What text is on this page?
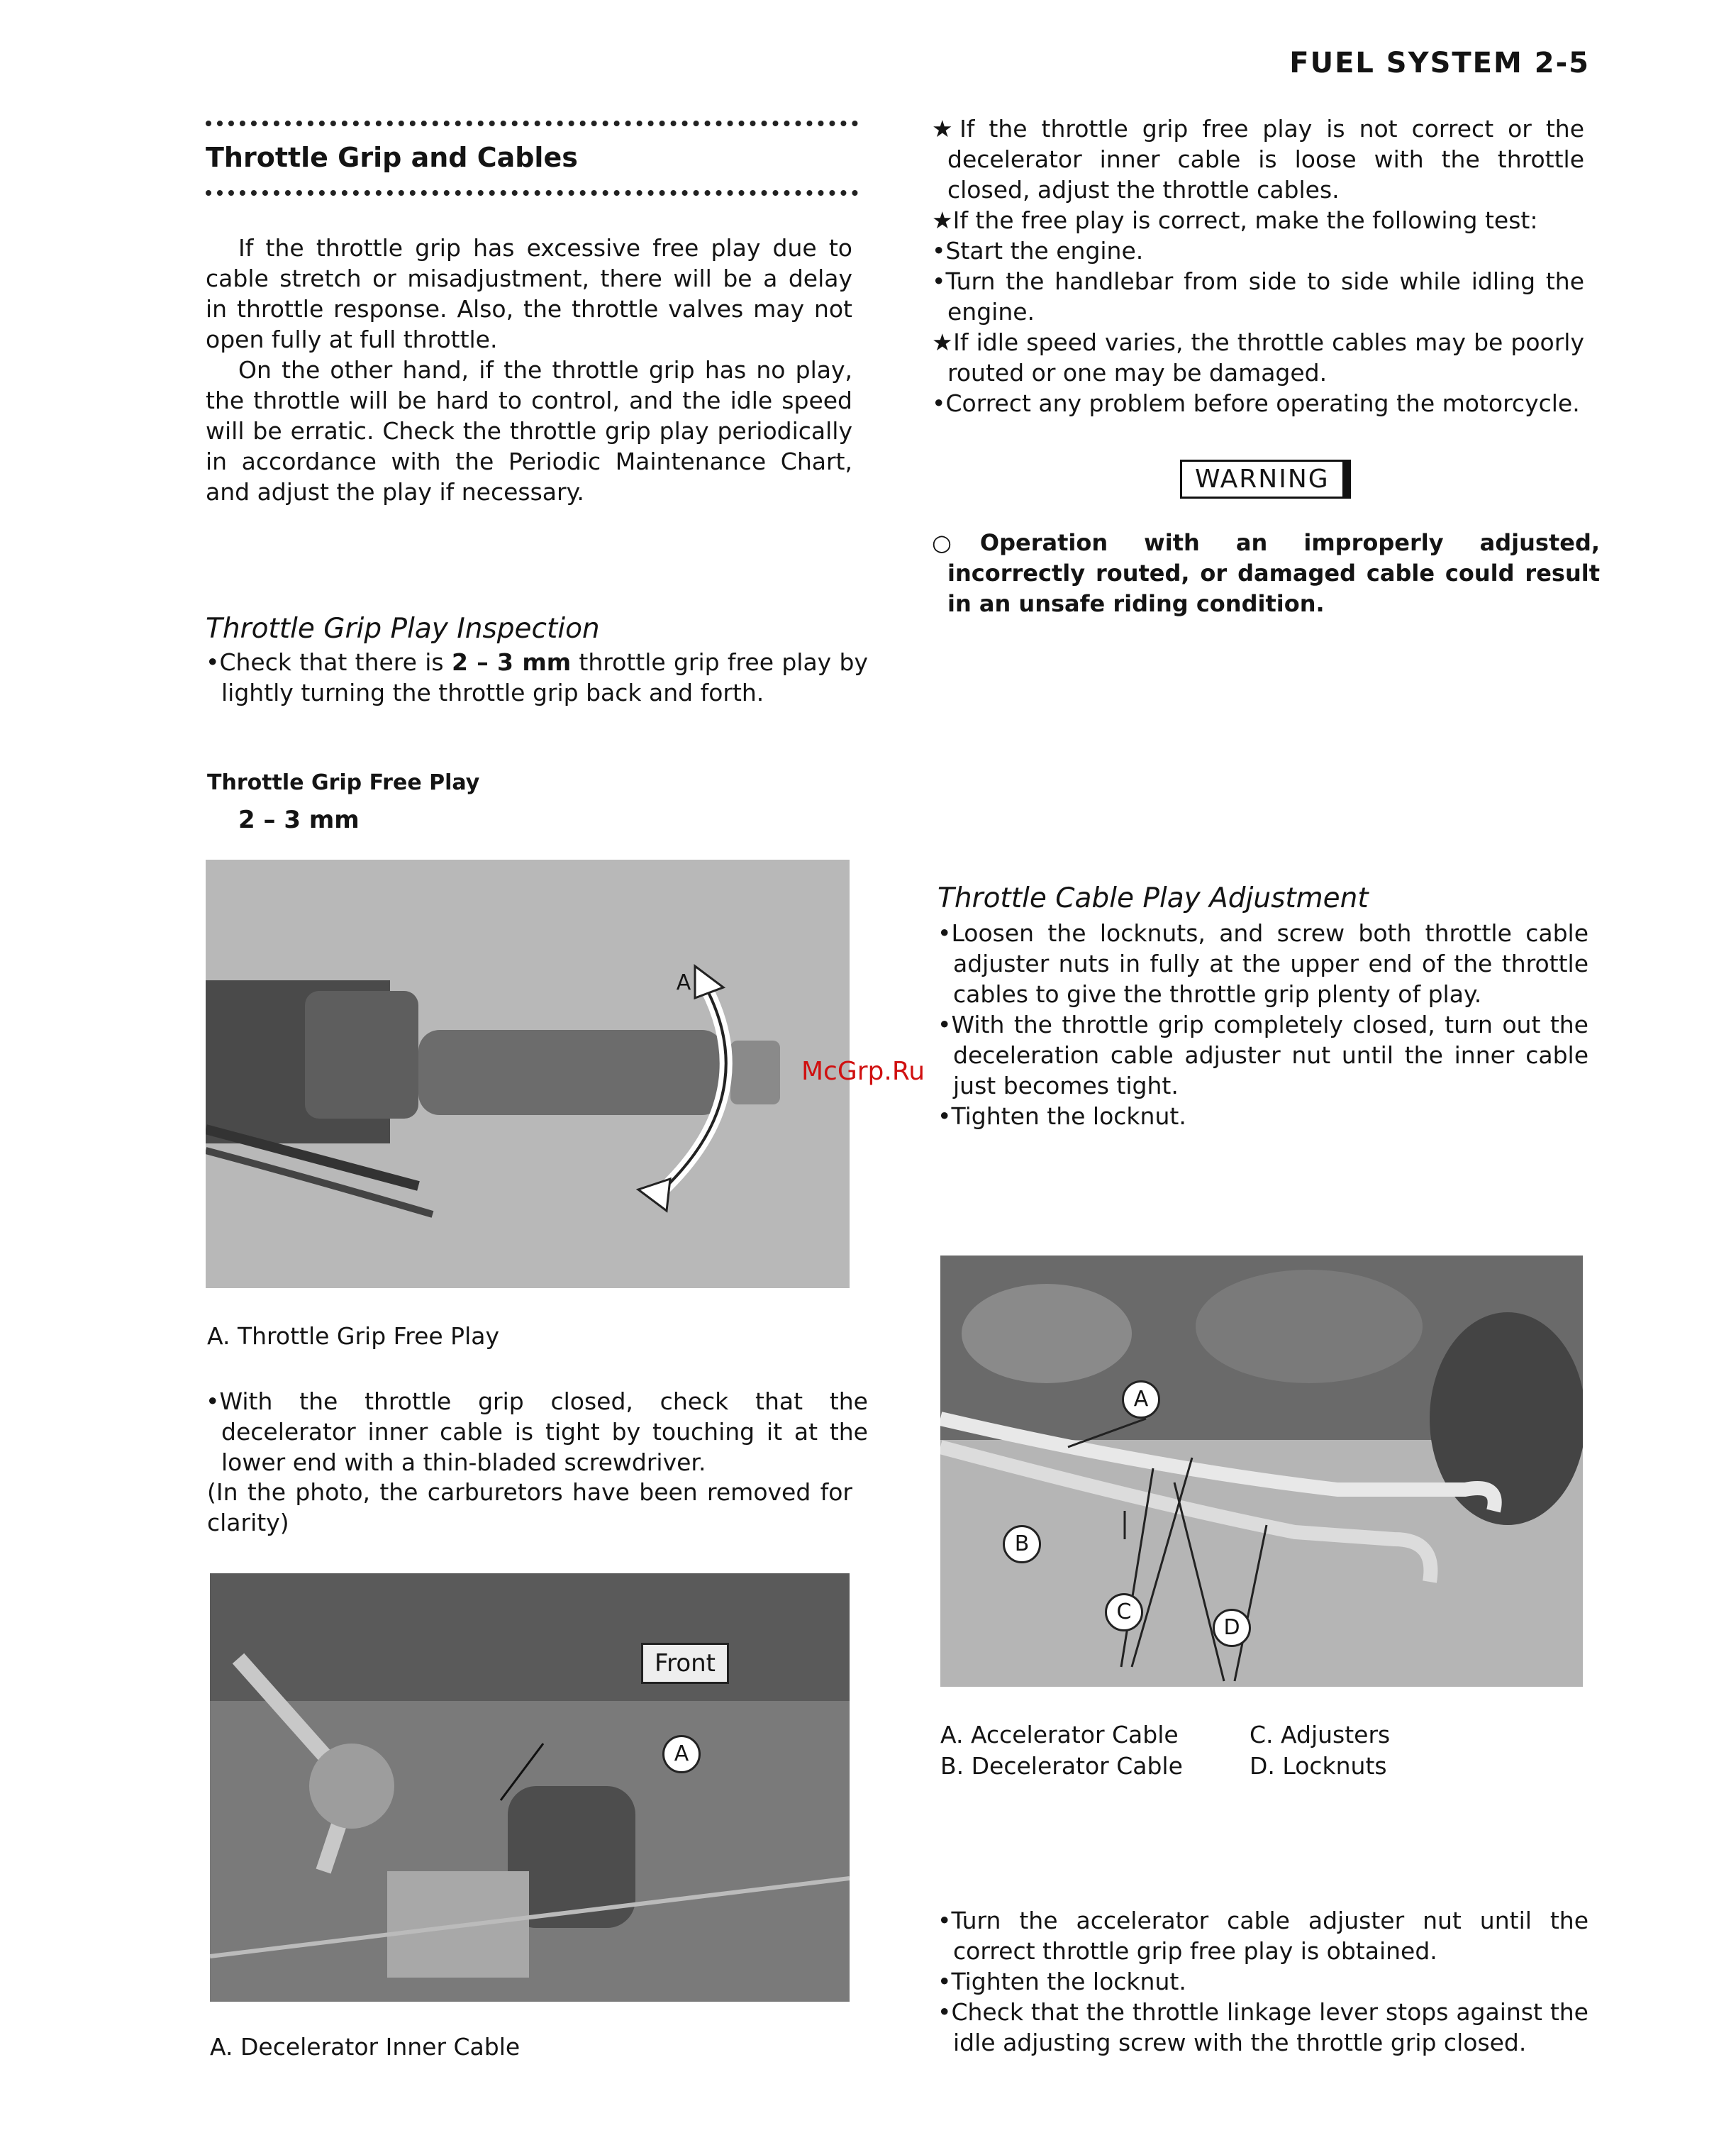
FUEL SYSTEM 2-5
Throttle Grip and Cables

If the throttle grip has excessive free play due to cable stretch or misadjustment, there will be a delay in throttle response. Also, the throttle valves may not open fully at full throttle.

On the other hand, if the throttle grip has no play, the throttle will be hard to control, and the idle speed will be erratic. Check the throttle grip play periodically in accordance with the Periodic Maintenance Chart, and adjust the play if necessary.

Throttle Grip Play Inspection
•Check that there is 2 – 3 mm throttle grip free play by lightly turning the throttle grip back and forth.
Throttle Grip Free Play
2 – 3 mm
A
A. Throttle Grip Free Play
•With the throttle grip closed, check that the decelerator inner cable is tight by touching it at the lower end with a thin-bladed screwdriver.
(In the photo, the carburetors have been removed for clarity)
Front
A
A. Decelerator Inner Cable

★If the throttle grip free play is not correct or the decelerator inner cable is loose with the throttle closed, adjust the throttle cables.

★If the free play is correct, make the following test:

•Start the engine.

•Turn the handlebar from side to side while idling the engine.

★If idle speed varies, the throttle cables may be poorly routed or one may be damaged.

•Correct any problem before operating the motorcycle.

WARNING
○Operation with an improperly adjusted, incorrectly routed, or damaged cable could result in an unsafe riding condition.
Throttle Cable Play Adjustment

•Loosen the locknuts, and screw both throttle cable adjuster nuts in fully at the upper end of the throttle cables to give the throttle grip plenty of play.

•With the throttle grip completely closed, turn out the deceleration cable adjuster nut until the inner cable just becomes tight.

•Tighten the locknut.

McGrp.Ru
A
B
C
D
A. Accelerator Cable
B. Decelerator Cable
C. Adjusters
D. Locknuts

•Turn the accelerator cable adjuster nut until the correct throttle grip free play is obtained.

•Tighten the locknut.

•Check that the throttle linkage lever stops against the idle adjusting screw with the throttle grip closed.
